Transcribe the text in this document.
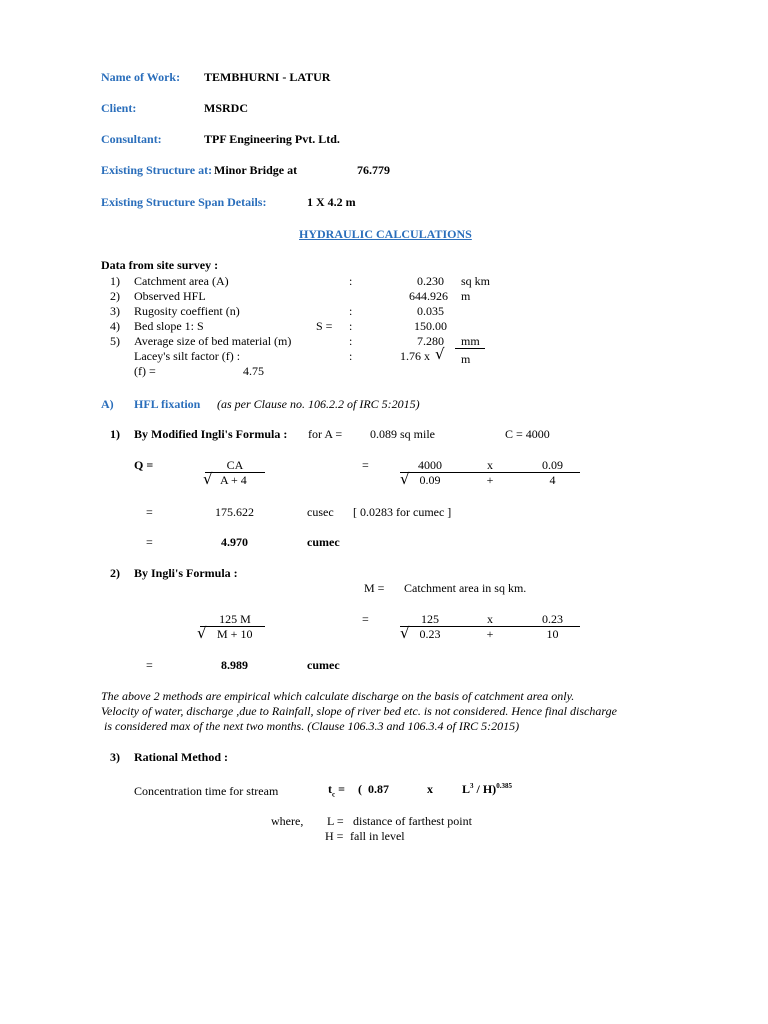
Name of Work: TEMBHURNI - LATUR
Client:	MSRDC
Consultant:	TPF Engineering Pvt. Ltd.
Existing Structure at: Minor Bridge at	76.779
Existing Structure Span Details:	1 X 4.2 m
HYDRAULIC CALCULATIONS
Data from site survey :
1) Catchment area (A)	:	0.230 sq km
2) Observed HFL	644.926 m
3) Rugosity coeffient (n)	:	0.035
4) Bed slope 1: S	S = :	150.00
5) Average size of bed material (m)	:	7.280 mm
Lacey's silt factor (f) :	:	1.76 x √ m
(f) =	4.75
A) HFL fixation (as per Clause no. 106.2.2 of IRC 5:2015)
1) By Modified Ingli's Formula : for A = 0.089 sq mile	C = 4000
Q =	CA
√ A + 4
=	4000	x	0.09
√ 0.09	+	4
=	175.622	cusec [ 0.0283 for cumec ]
=	4.970	cumec
2) By Ingli's Formula :
M = Catchment area in sq km.
125 M
√ M + 10
=	125	x	0.23
√ 0.23	+	10
=	8.989	cumec
The above 2 methods are empirical which calculate discharge on the basis of catchment area only.
Velocity of water, discharge ,due to Rainfall, slope of river bed etc. is not considered. Hence final discharge
is considered max of the next two months. (Clause 106.3.3 and 106.3.4 of IRC 5:2015)
3) Rational Method :
Concentration time for stream	$t_c$ = ( 0.87	x $L^3 / H)^{0.385}$
where, L = distance of farthest point
H = fall in level
